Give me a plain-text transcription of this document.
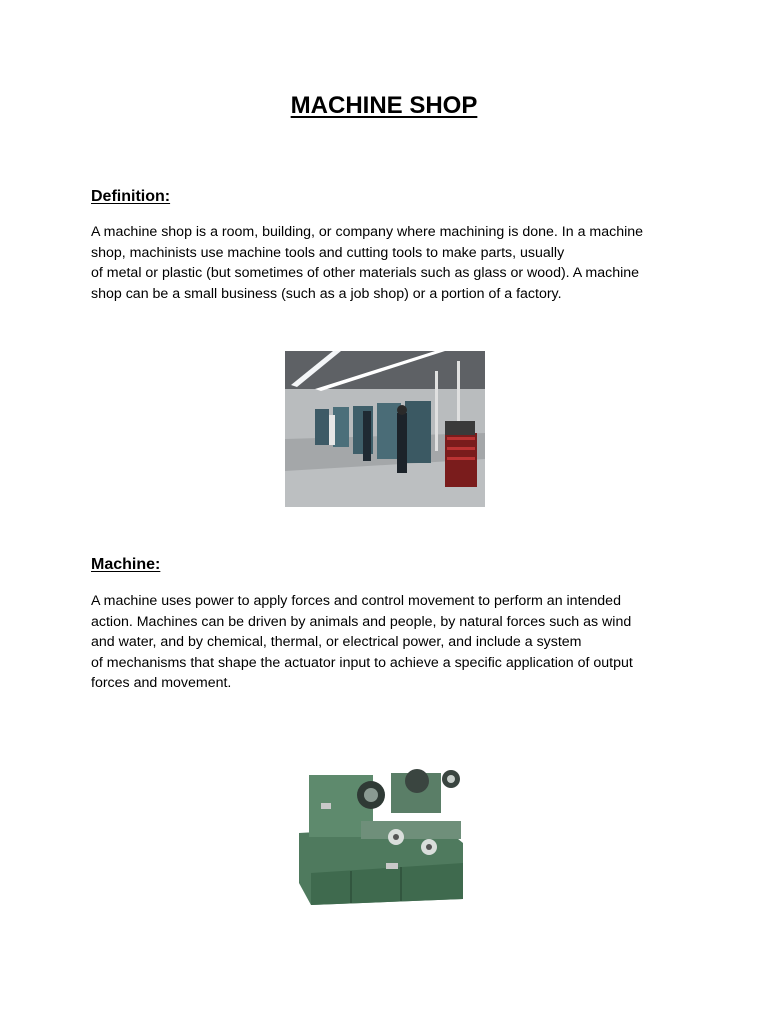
MACHINE SHOP
Definition:

A machine shop is a room, building, or company where machining is done. In a machine
shop, machinists use machine tools and cutting tools to make parts, usually
of metal or plastic (but sometimes of other materials such as glass or wood). A machine
shop can be a small business (such as a job shop) or a portion of a factory.

Machine:

A machine uses power to apply forces and control movement to perform an intended
action. Machines can be driven by animals and people, by natural forces such as wind
and water, and by chemical, thermal, or electrical power, and include a system
of mechanisms that shape the actuator input to achieve a specific application of output
forces and movement.
